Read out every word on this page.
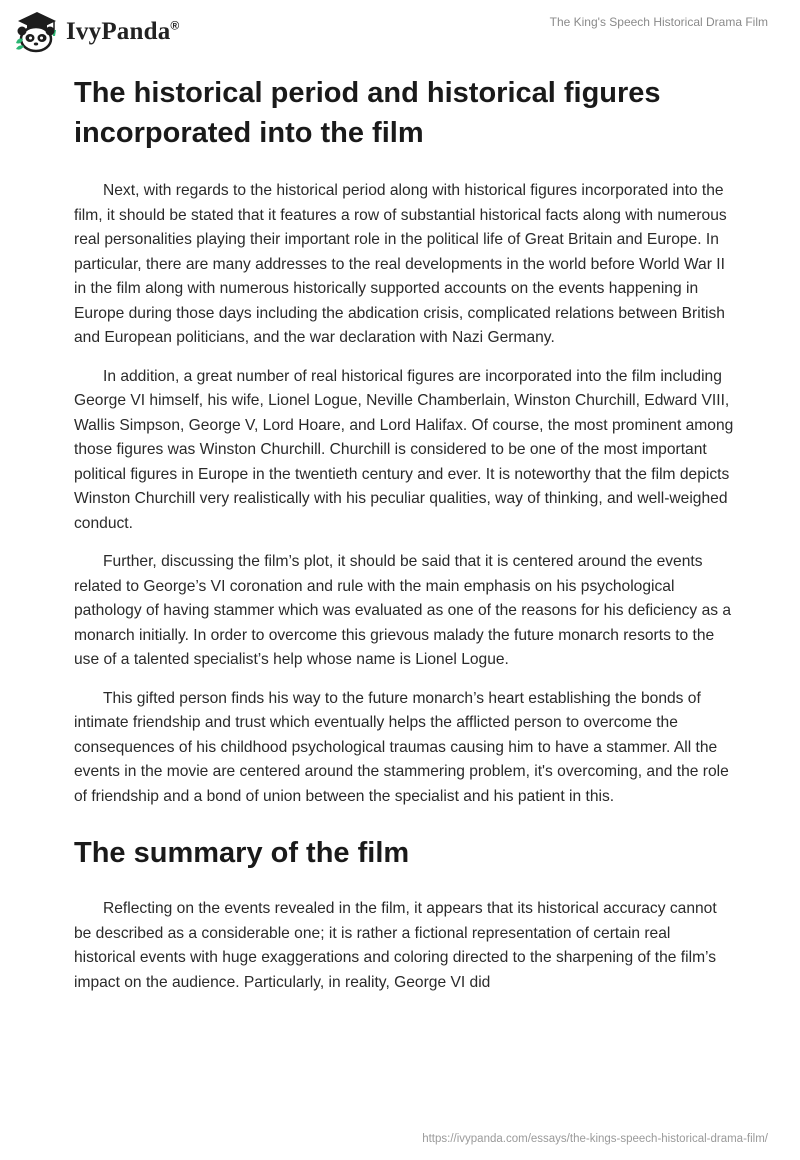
IvyPanda®	The King's Speech Historical Drama Film
The historical period and historical figures incorporated into the film

Next, with regards to the historical period along with historical figures incorporated into the film, it should be stated that it features a row of substantial historical facts along with numerous real personalities playing their important role in the political life of Great Britain and Europe. In particular, there are many addresses to the real developments in the world before World War II in the film along with numerous historically supported accounts on the events happening in Europe during those days including the abdication crisis, complicated relations between British and European politicians, and the war declaration with Nazi Germany.

In addition, a great number of real historical figures are incorporated into the film including George VI himself, his wife, Lionel Logue, Neville Chamberlain, Winston Churchill, Edward VIII, Wallis Simpson, George V, Lord Hoare, and Lord Halifax. Of course, the most prominent among those figures was Winston Churchill. Churchill is considered to be one of the most important political figures in Europe in the twentieth century and ever. It is noteworthy that the film depicts Winston Churchill very realistically with his peculiar qualities, way of thinking, and well-weighed conduct.

Further, discussing the film’s plot, it should be said that it is centered around the events related to George’s VI coronation and rule with the main emphasis on his psychological pathology of having stammer which was evaluated as one of the reasons for his deficiency as a monarch initially. In order to overcome this grievous malady the future monarch resorts to the use of a talented specialist’s help whose name is Lionel Logue.

This gifted person finds his way to the future monarch’s heart establishing the bonds of intimate friendship and trust which eventually helps the afflicted person to overcome the consequences of his childhood psychological traumas causing him to have a stammer. All the events in the movie are centered around the stammering problem, it's overcoming, and the role of friendship and a bond of union between the specialist and his patient in this.

The summary of the film

Reflecting on the events revealed in the film, it appears that its historical accuracy cannot be described as a considerable one; it is rather a fictional representation of certain real historical events with huge exaggerations and coloring directed to the sharpening of the film’s impact on the audience. Particularly, in reality, George VI did

https://ivypanda.com/essays/the-kings-speech-historical-drama-film/
